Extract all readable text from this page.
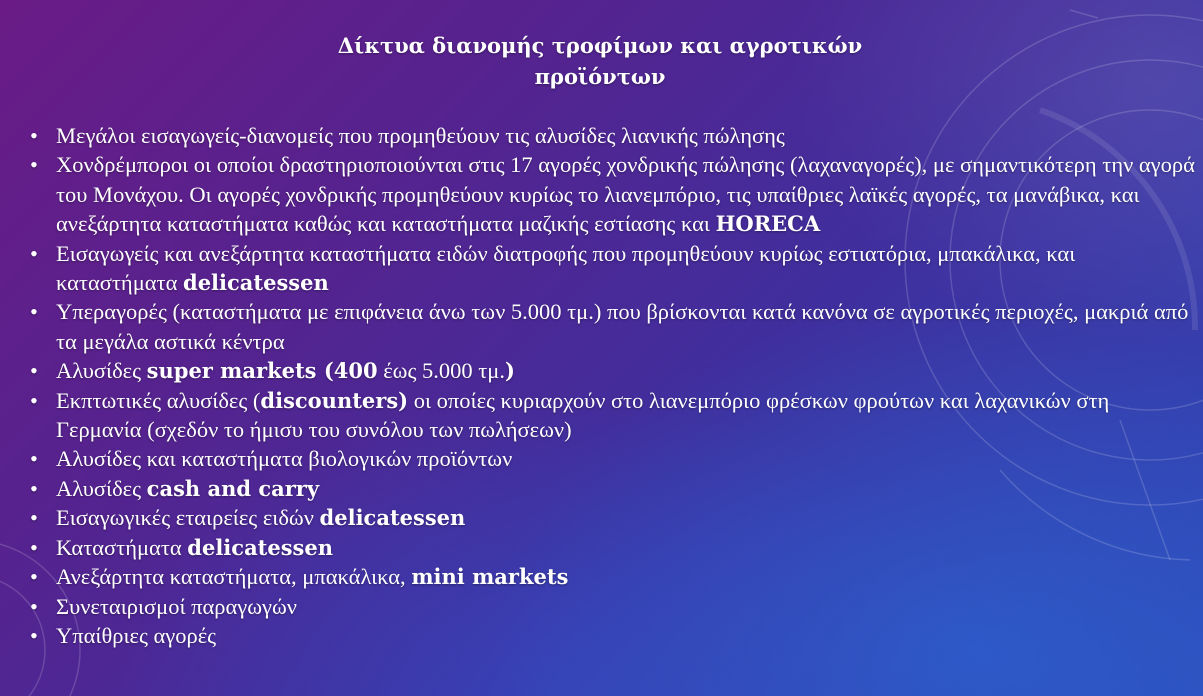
Δίκτυα διανομής τροφίμων και αγροτικών
προϊόντων
• Μεγάλοι εισαγωγείς-διανομείς που προμηθεύουν τις αλυσίδες λιανικής πώλησης
• Χονδρέμποροι οι οποίοι δραστηριοποιούνται στις 17 αγορές χονδρικής πώλησης (λαχαναγορές), με σημαντικότερη την αγορά του Μονάχου. Οι αγορές χονδρικής προμηθεύουν κυρίως το λιανεμπόριο, τις υπαίθριες λαϊκές αγορές, τα μανάβικα, και ανεξάρτητα καταστήματα καθώς και καταστήματα μαζικής εστίασης και HORECA
• Εισαγωγείς και ανεξάρτητα καταστήματα ειδών διατροφής που προμηθεύουν κυρίως εστιατόρια, μπακάλικα, και καταστήματα delicatessen
• Υπεραγορές (καταστήματα με επιφάνεια άνω των 5.000 τμ.) που βρίσκονται κατά κανόνα σε αγροτικές περιοχές, μακριά από τα μεγάλα αστικά κέντρα
• Αλυσίδες super markets (400 έως 5.000 τμ.)
• Εκπτωτικές αλυσίδες (discounters) οι οποίες κυριαρχούν στο λιανεμπόριο φρέσκων φρούτων και λαχανικών στη Γερμανία (σχεδόν το ήμισυ του συνόλου των πωλήσεων)
• Αλυσίδες και καταστήματα βιολογικών προϊόντων
• Αλυσίδες cash and carry
• Εισαγωγικές εταιρείες ειδών delicatessen
• Καταστήματα delicatessen
• Ανεξάρτητα καταστήματα, μπακάλικα, mini markets
• Συνεταιρισμοί παραγωγών
• Υπαίθριες αγορές
